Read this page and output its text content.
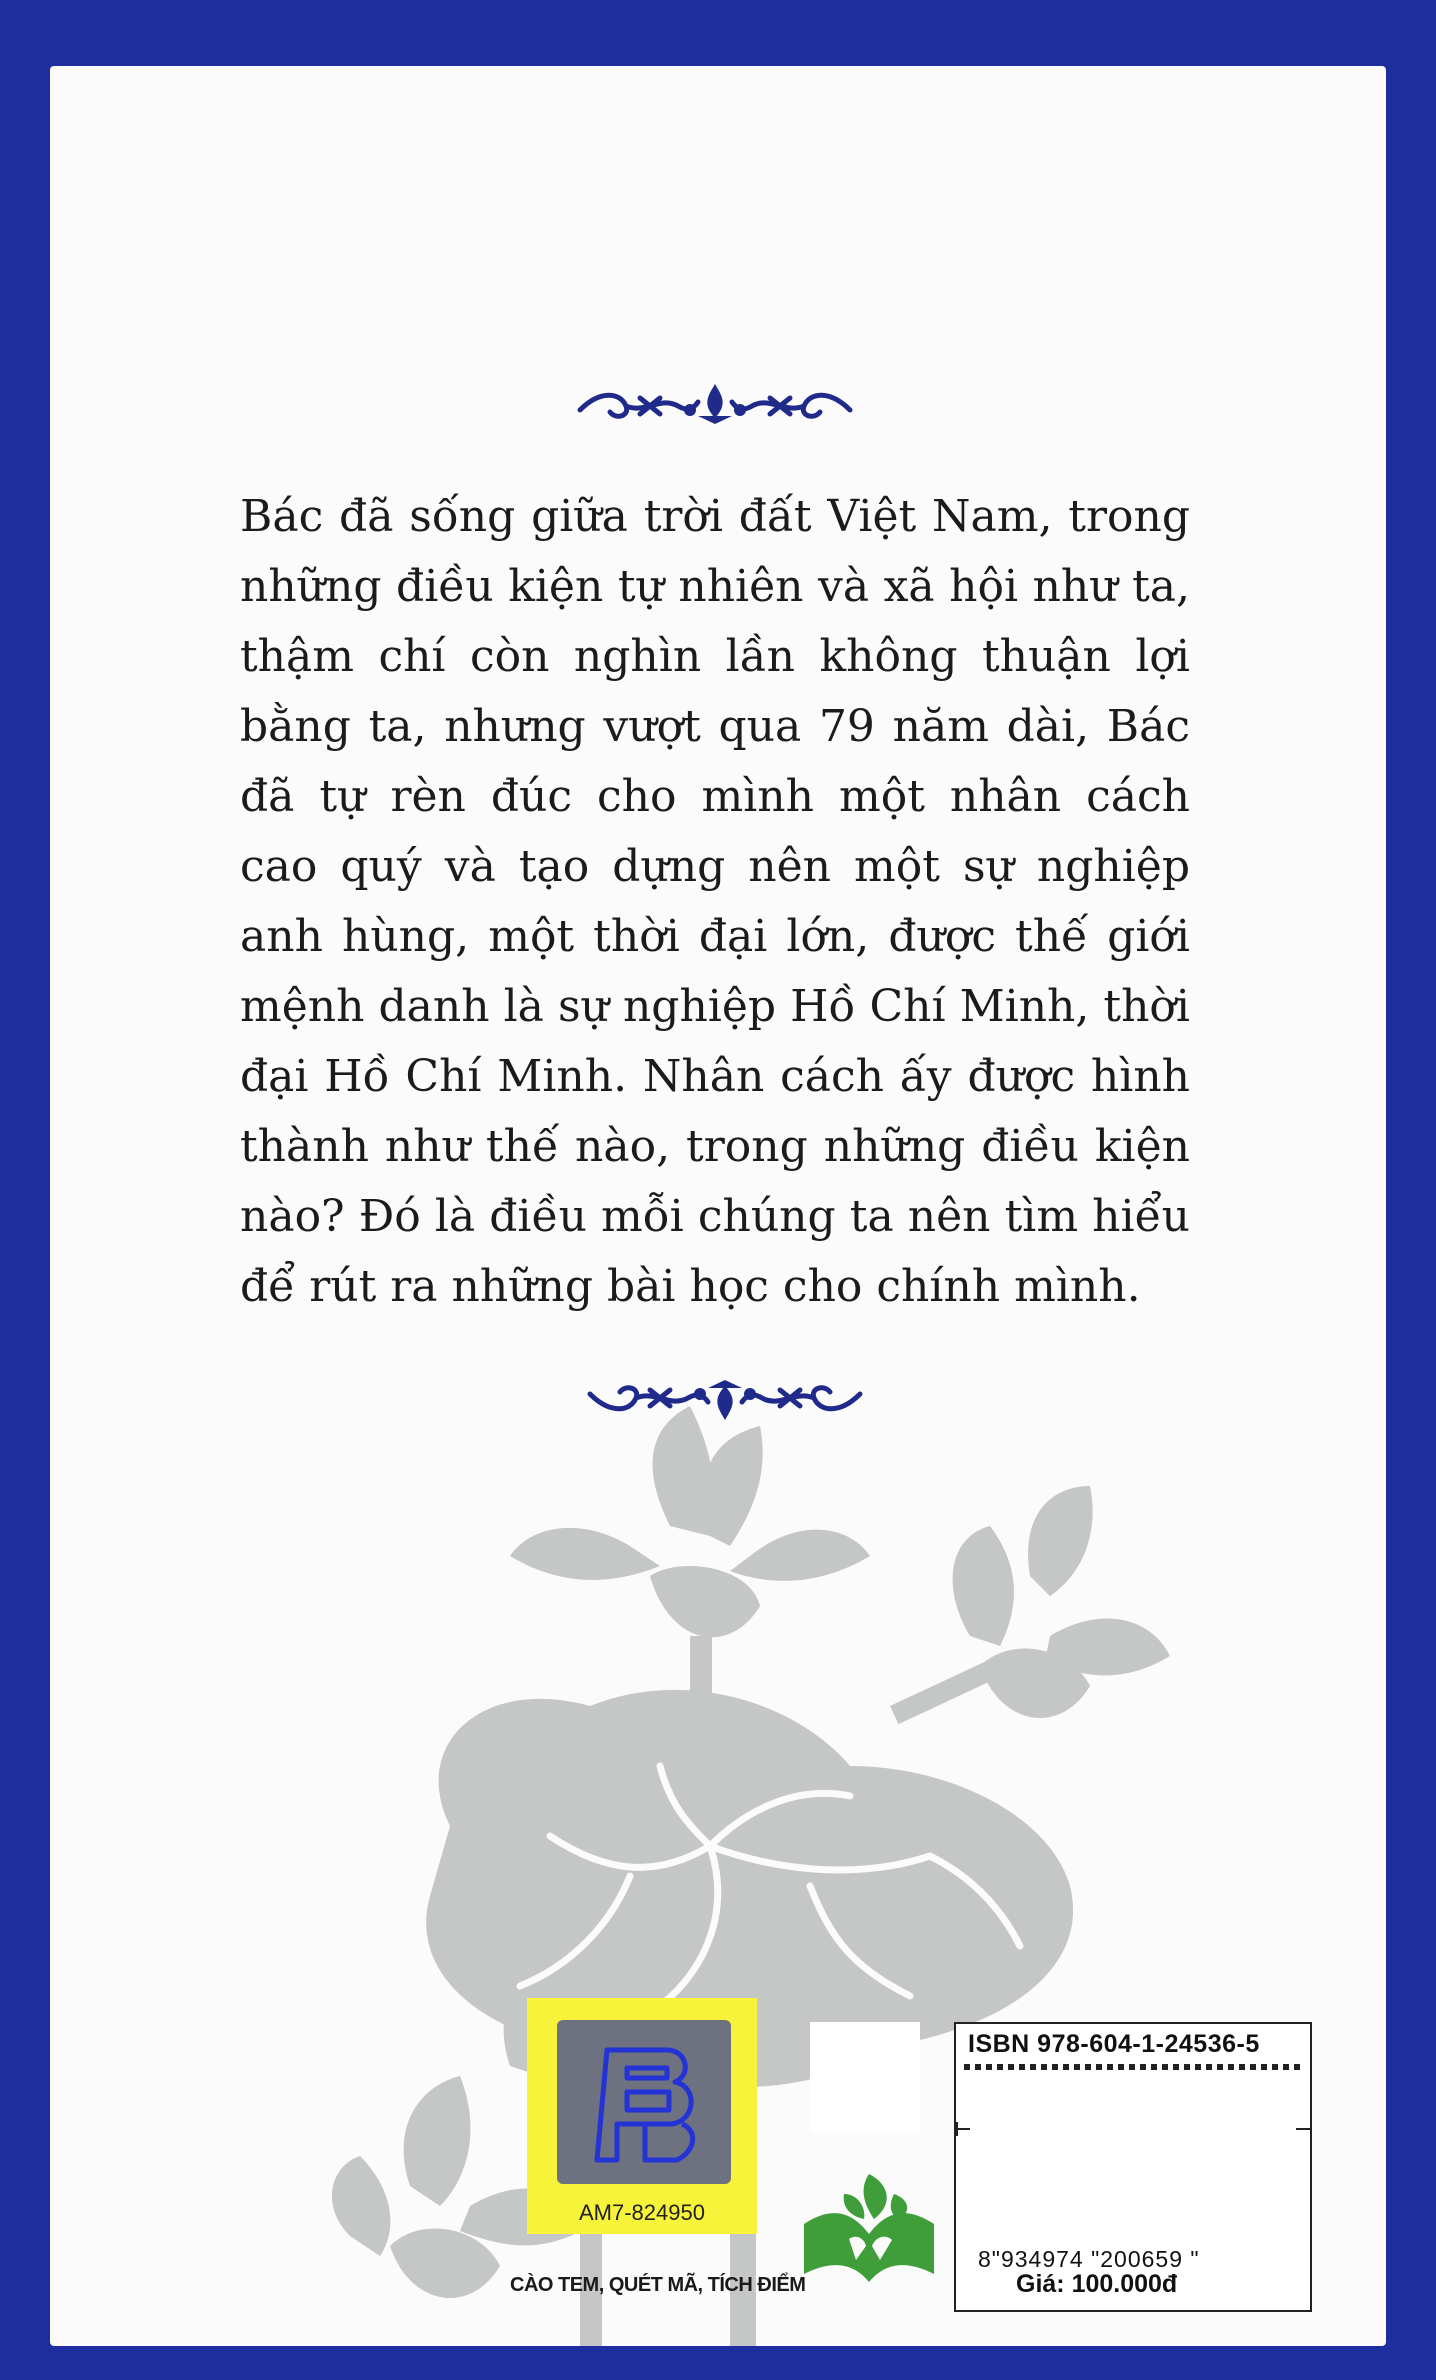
Bác đã sống giữa trời đất Việt Nam, trong những điều kiện tự nhiên và xã hội như ta, thậm chí còn nghìn lần không thuận lợi bằng ta, nhưng vượt qua 79 năm dài, Bác đã tự rèn đúc cho mình một nhân cách cao quý và tạo dựng nên một sự nghiệp anh hùng, một thời đại lớn, được thế giới mệnh danh là sự nghiệp Hồ Chí Minh, thời đại Hồ Chí Minh. Nhân cách ấy được hình thành như thế nào, trong những điều kiện nào? Đó là điều mỗi chúng ta nên tìm hiểu để rút ra những bài học cho chính mình.
AM7-824950
CÀO TEM, QUÉT MÃ, TÍCH ĐIỂM
ISBN 978-604-1-24536-5
8"934974 "200659 "
Giá: 100.000đ
